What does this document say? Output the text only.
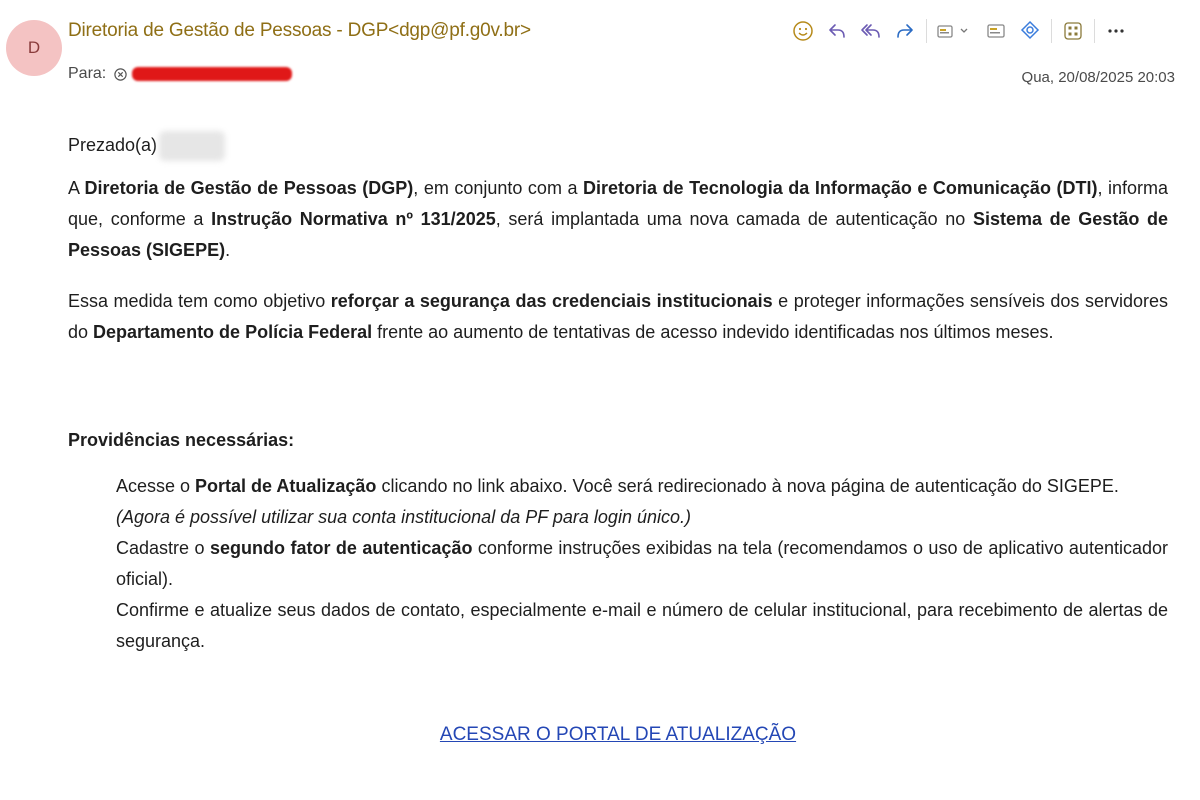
D
Diretoria de Gestão de Pessoas - DGP<dgp@pf.g0v.br>
Para:	Qua, 20/08/2025 20:03

Prezado(a)

A Diretoria de Gestão de Pessoas (DGP), em conjunto com a Diretoria de Tecnologia da Informação e Comunicação (DTI), informa que, conforme a Instrução Normativa nº 131/2025, será implantada uma nova camada de autenticação no Sistema de Gestão de Pessoas (SIGEPE).

Essa medida tem como objetivo reforçar a segurança das credenciais institucionais e proteger informações sensíveis dos servidores do Departamento de Polícia Federal frente ao aumento de tentativas de acesso indevido identificadas nos últimos meses.

Providências necessárias:

Acesse o Portal de Atualização clicando no link abaixo. Você será redirecionado à nova página de autenticação do SIGEPE.
(Agora é possível utilizar sua conta institucional da PF para login único.)

Cadastre o segundo fator de autenticação conforme instruções exibidas na tela (recomendamos o uso de aplicativo autenticador oficial).

Confirme e atualize seus dados de contato, especialmente e-mail e número de celular institucional, para recebimento de alertas de segurança.

ACESSAR O PORTAL DE ATUALIZAÇÃO
